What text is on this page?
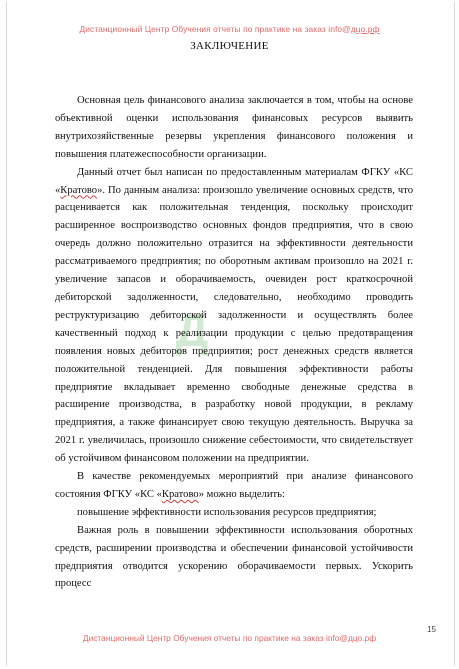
Дистанционный Центр Обучения отчеты по практике на заказ info@дцо.рф
ЗАКЛЮЧЕНИЕ
Д

Основная цель финансового анализа заключается в том, чтобы на основе объективной оценки использования финансовых ресурсов выявить внутрихозяйственные резервы укрепления финансового положения и повышения платежеспособности организации.

Данный отчет был написан по предоставленным материалам ФГКУ «КС «Кратово». По данным анализа: произошло увеличение основных средств, что расценивается как положительная тенденция, поскольку происходит расширенное воспроизводство основных фондов предприятия, что в свою очередь должно положительно отразится на эффективности деятельности рассматриваемого предприятия; по оборотным активам произошло на 2021 г. увеличение запасов и оборачиваемость, очевиден рост краткосрочной дебиторской задолженности, следовательно, необходимо проводить реструктуризацию дебиторской задолженности и осуществлять более качественный подход к реализации продукции с целью предотвращения появления новых дебиторов предприятия; рост денежных средств является положительной тенденцией. Для повышения эффективности работы предприятие вкладывает временно свободные денежные средства в расширение производства, в разработку новой продукции, в рекламу предприятия, а также финансирует свою текущую деятельность. Выручка за 2021 г. увеличилась, произошло снижение себестоимости, что свидетельствует об устойчивом финансовом положении на предприятии.

В качестве рекомендуемых мероприятий при анализе финансового состояния ФГКУ «КС «Кратово» можно выделить:

повышение эффективности использования ресурсов предприятия;

Важная роль в повышении эффективности использования оборотных средств, расширении производства и обеспечении финансовой устойчивости предприятия отводится ускорению оборачиваемости первых. Ускорить процесс

15
Дистанционный Центр Обучения отчеты по практике на заказ info@дцо.рф
